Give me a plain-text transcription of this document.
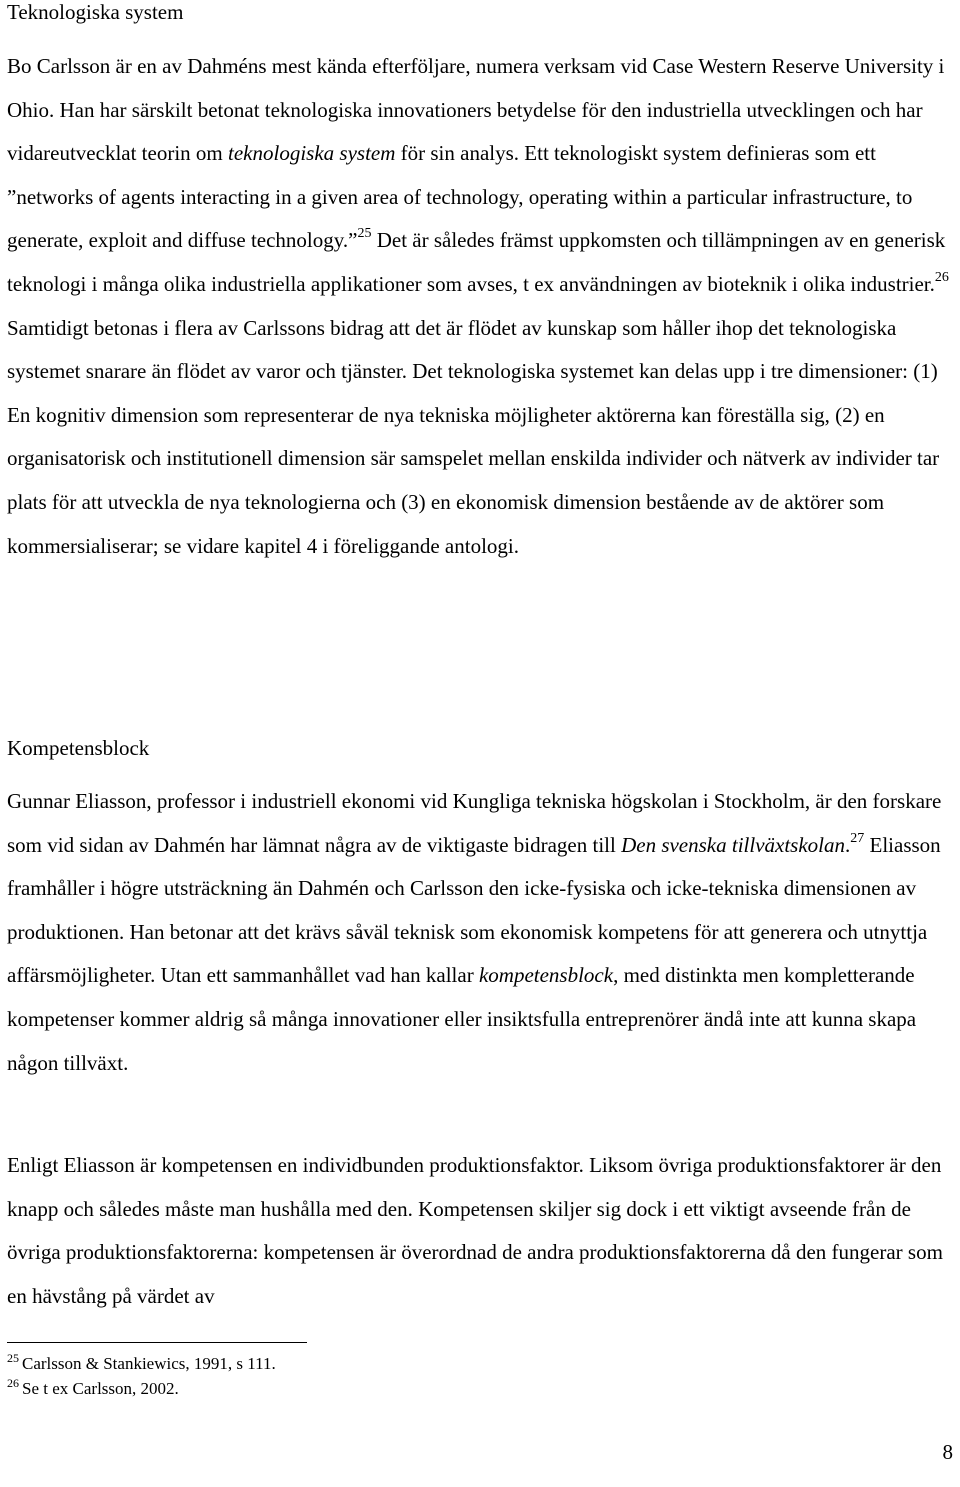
Teknologiska system

Bo Carlsson är en av Dahméns mest kända efterföljare, numera verksam vid Case Western Reserve University i Ohio. Han har särskilt betonat teknologiska innovationers betydelse för den industriella utvecklingen och har vidareutvecklat teorin om teknologiska system för sin analys. Ett teknologiskt system definieras som ett ”networks of agents interacting in a given area of technology, operating within a particular infrastructure, to generate, exploit and diffuse technology.”$^{25}$ Det är således främst uppkomsten och tillämpningen av en generisk teknologi i många olika industriella applikationer som avses, t ex användningen av bioteknik i olika industrier.$^{26}$ Samtidigt betonas i flera av Carlssons bidrag att det är flödet av kunskap som håller ihop det teknologiska systemet snarare än flödet av varor och tjänster. Det teknologiska systemet kan delas upp i tre dimensioner: (1) En kognitiv dimension som representerar de nya tekniska möjligheter aktörerna kan föreställa sig, (2) en organisatorisk och institutionell dimension sär samspelet mellan enskilda individer och nätverk av individer tar plats för att utveckla de nya teknologierna och (3) en ekonomisk dimension bestående av de aktörer som kommersialiserar; se vidare kapitel 4 i föreliggande antologi.

Kompetensblock

Gunnar Eliasson, professor i industriell ekonomi vid Kungliga tekniska högskolan i Stockholm, är den forskare som vid sidan av Dahmén har lämnat några av de viktigaste bidragen till Den svenska tillväxtskolan.$^{27}$ Eliasson framhåller i högre utsträckning än Dahmén och Carlsson den icke-fysiska och icke-tekniska dimensionen av produktionen. Han betonar att det krävs såväl teknisk som ekonomisk kompetens för att generera och utnyttja affärsmöjligheter. Utan ett sammanhållet vad han kallar kompetensblock, med distinkta men kompletterande kompetenser kommer aldrig så många innovationer eller insiktsfulla entreprenörer ändå inte att kunna skapa någon tillväxt.

Enligt Eliasson är kompetensen en individbunden produktionsfaktor. Liksom övriga produktionsfaktorer är den knapp och således måste man hushålla med den. Kompetensen skiljer sig dock i ett viktigt avseende från de övriga produktionsfaktorerna: kompetensen är överordnad de andra produktionsfaktorerna då den fungerar som en hävstång på värdet av

$^{25}$ Carlsson & Stankiewics, 1991, s 111.

$^{26}$ Se t ex Carlsson, 2002.

8
